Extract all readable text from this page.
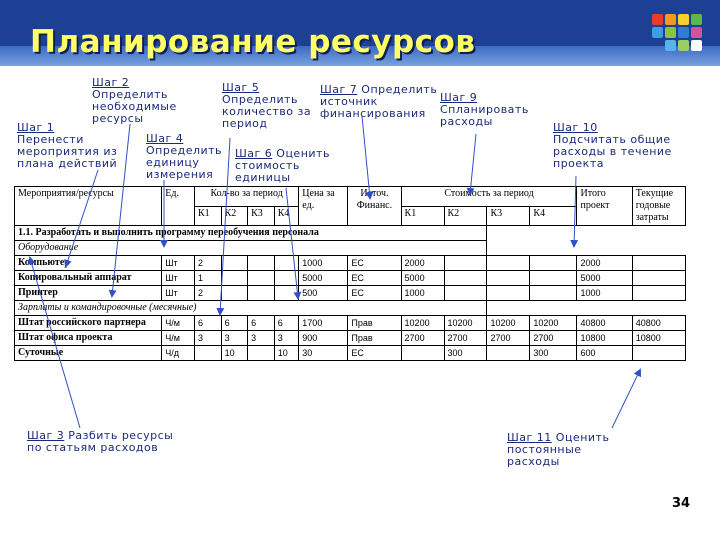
Планирование ресурсов
Шаг 1
Перенести мероприятия из плана действий
Шаг 2
Определить необходимые ресурсы
Шаг 3 Разбить ресурсы по статьям расходов
Шаг 4
Определить единицу измерения
Шаг 5
Определить количество за период
Шаг 6 Оценить стоимость единицы
Шаг 7 Определить источник финансирования
Шаг 9
Спланировать расходы	Шаг 10
Подсчитать общие расходы в течение проекта
Шаг 11 Оценить постоянные расходы
Мероприятия/ресурсы	Ед.	Кол-во за период				Цена за ед.	Источ. Финанс.	Стоимость за период				Итого проект	Текущие годовые затраты
		К1	К2	К3	К4			К1	К2	К3	К4		
1.1. Разработать и выполнить программу переобучения персонала													
Оборудование													
Компьютер	Шт	2				1000	ЕС	2000				2000	
Копировальный аппарат	Шт	1				5000	ЕС	5000				5000	
Принтер	Шт	2				500	ЕС	1000				1000	
Зарплаты и командировочные (месячные)													
Штат российского партнера	Ч/м	6	6	6	6	1700	Прав	10200	10200	10200	10200	40800	40800
Штат офиса проекта	Ч/м	3	3	3	3	900	Прав	2700	2700	2700	2700	10800	10800
Суточные	Ч/д		10		10	30	ЕС		300		300	600	
34
